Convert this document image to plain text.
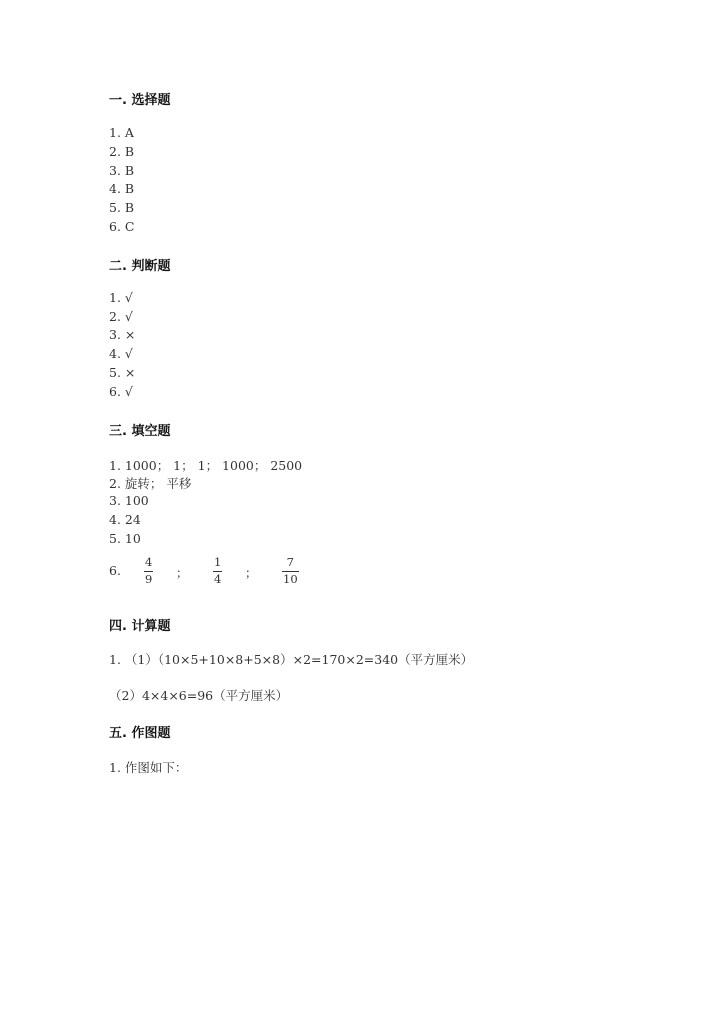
一. 选择题
1. A
2. B
3. B
4. B
5. B
6. C
二. 判断题
1. √
2. √
3. ×
4. √
5. ×
6. √
三. 填空题
1. 1000； 1； 1； 1000； 2500
2. 旋转； 平移
3. 100
4. 24
5. 10
6.
4
9 ；
1
4 ；
7
10
四. 计算题
1. （1）（10×5+10×8+5×8）×2=170×2=340（平方厘米）
（2）4×4×6=96（平方厘米）
五. 作图题
1. 作图如下：
